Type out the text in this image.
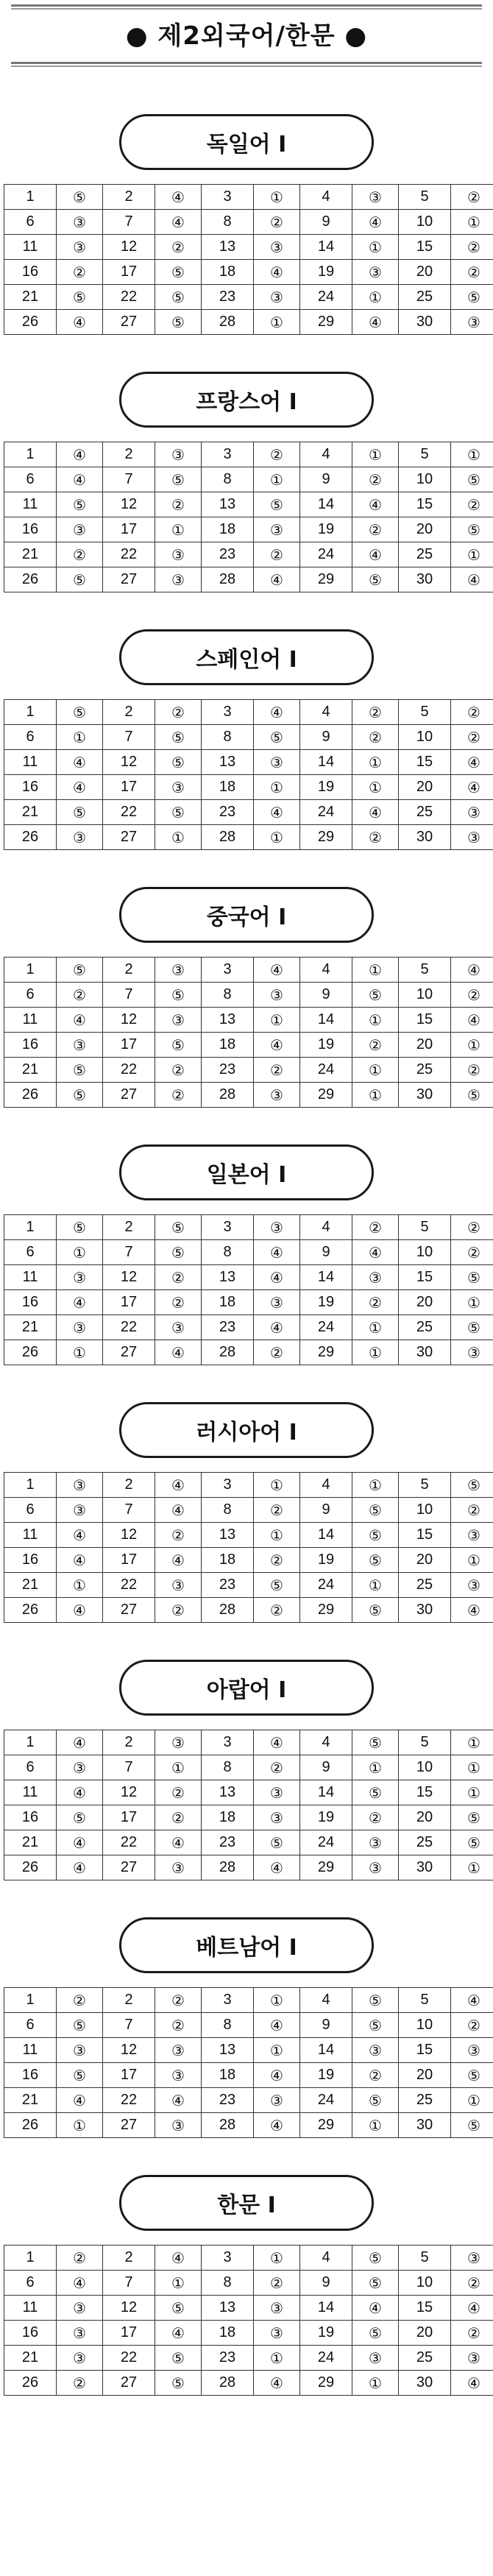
● 제2외국어/한문 ●
독일어 I
1	⑤	2	④	3	①	4	③	5	②
6	③	7	④	8	②	9	④	10	①
11	③	12	②	13	③	14	①	15	②
16	②	17	⑤	18	④	19	③	20	②
21	⑤	22	⑤	23	③	24	①	25	⑤
26	④	27	⑤	28	①	29	④	30	③
프랑스어 I
1	④	2	③	3	②	4	①	5	①
6	④	7	⑤	8	①	9	②	10	⑤
11	⑤	12	②	13	⑤	14	④	15	②
16	③	17	①	18	③	19	②	20	⑤
21	②	22	③	23	②	24	④	25	①
26	⑤	27	③	28	④	29	⑤	30	④
스페인어 I
1	⑤	2	②	3	④	4	②	5	②
6	①	7	⑤	8	⑤	9	②	10	②
11	④	12	⑤	13	③	14	①	15	④
16	④	17	③	18	①	19	①	20	④
21	⑤	22	⑤	23	④	24	④	25	③
26	③	27	①	28	①	29	②	30	③
중국어 I
1	⑤	2	③	3	④	4	①	5	④
6	②	7	⑤	8	③	9	⑤	10	②
11	④	12	③	13	①	14	①	15	④
16	③	17	⑤	18	④	19	②	20	①
21	⑤	22	②	23	②	24	①	25	②
26	⑤	27	②	28	③	29	①	30	⑤
일본어 I
1	⑤	2	⑤	3	③	4	②	5	②
6	①	7	⑤	8	④	9	④	10	②
11	③	12	②	13	④	14	③	15	⑤
16	④	17	②	18	③	19	②	20	①
21	③	22	③	23	④	24	①	25	⑤
26	①	27	④	28	②	29	①	30	③
러시아어 I
1	③	2	④	3	①	4	①	5	⑤
6	③	7	④	8	②	9	⑤	10	②
11	④	12	②	13	①	14	⑤	15	③
16	④	17	④	18	②	19	⑤	20	①
21	①	22	③	23	⑤	24	①	25	③
26	④	27	②	28	②	29	⑤	30	④
아랍어 I
1	④	2	③	3	④	4	⑤	5	①
6	③	7	①	8	②	9	①	10	①
11	④	12	②	13	③	14	⑤	15	①
16	⑤	17	②	18	③	19	②	20	⑤
21	④	22	④	23	⑤	24	③	25	⑤
26	④	27	③	28	④	29	③	30	①
베트남어 I
1	②	2	②	3	①	4	⑤	5	④
6	⑤	7	②	8	④	9	⑤	10	②
11	③	12	③	13	①	14	③	15	③
16	⑤	17	③	18	④	19	②	20	⑤
21	④	22	④	23	③	24	⑤	25	①
26	①	27	③	28	④	29	①	30	⑤
한문 I
1	②	2	④	3	①	4	⑤	5	③
6	④	7	①	8	②	9	⑤	10	②
11	③	12	⑤	13	③	14	④	15	④
16	③	17	④	18	③	19	⑤	20	②
21	③	22	⑤	23	①	24	③	25	③
26	②	27	⑤	28	④	29	①	30	④
